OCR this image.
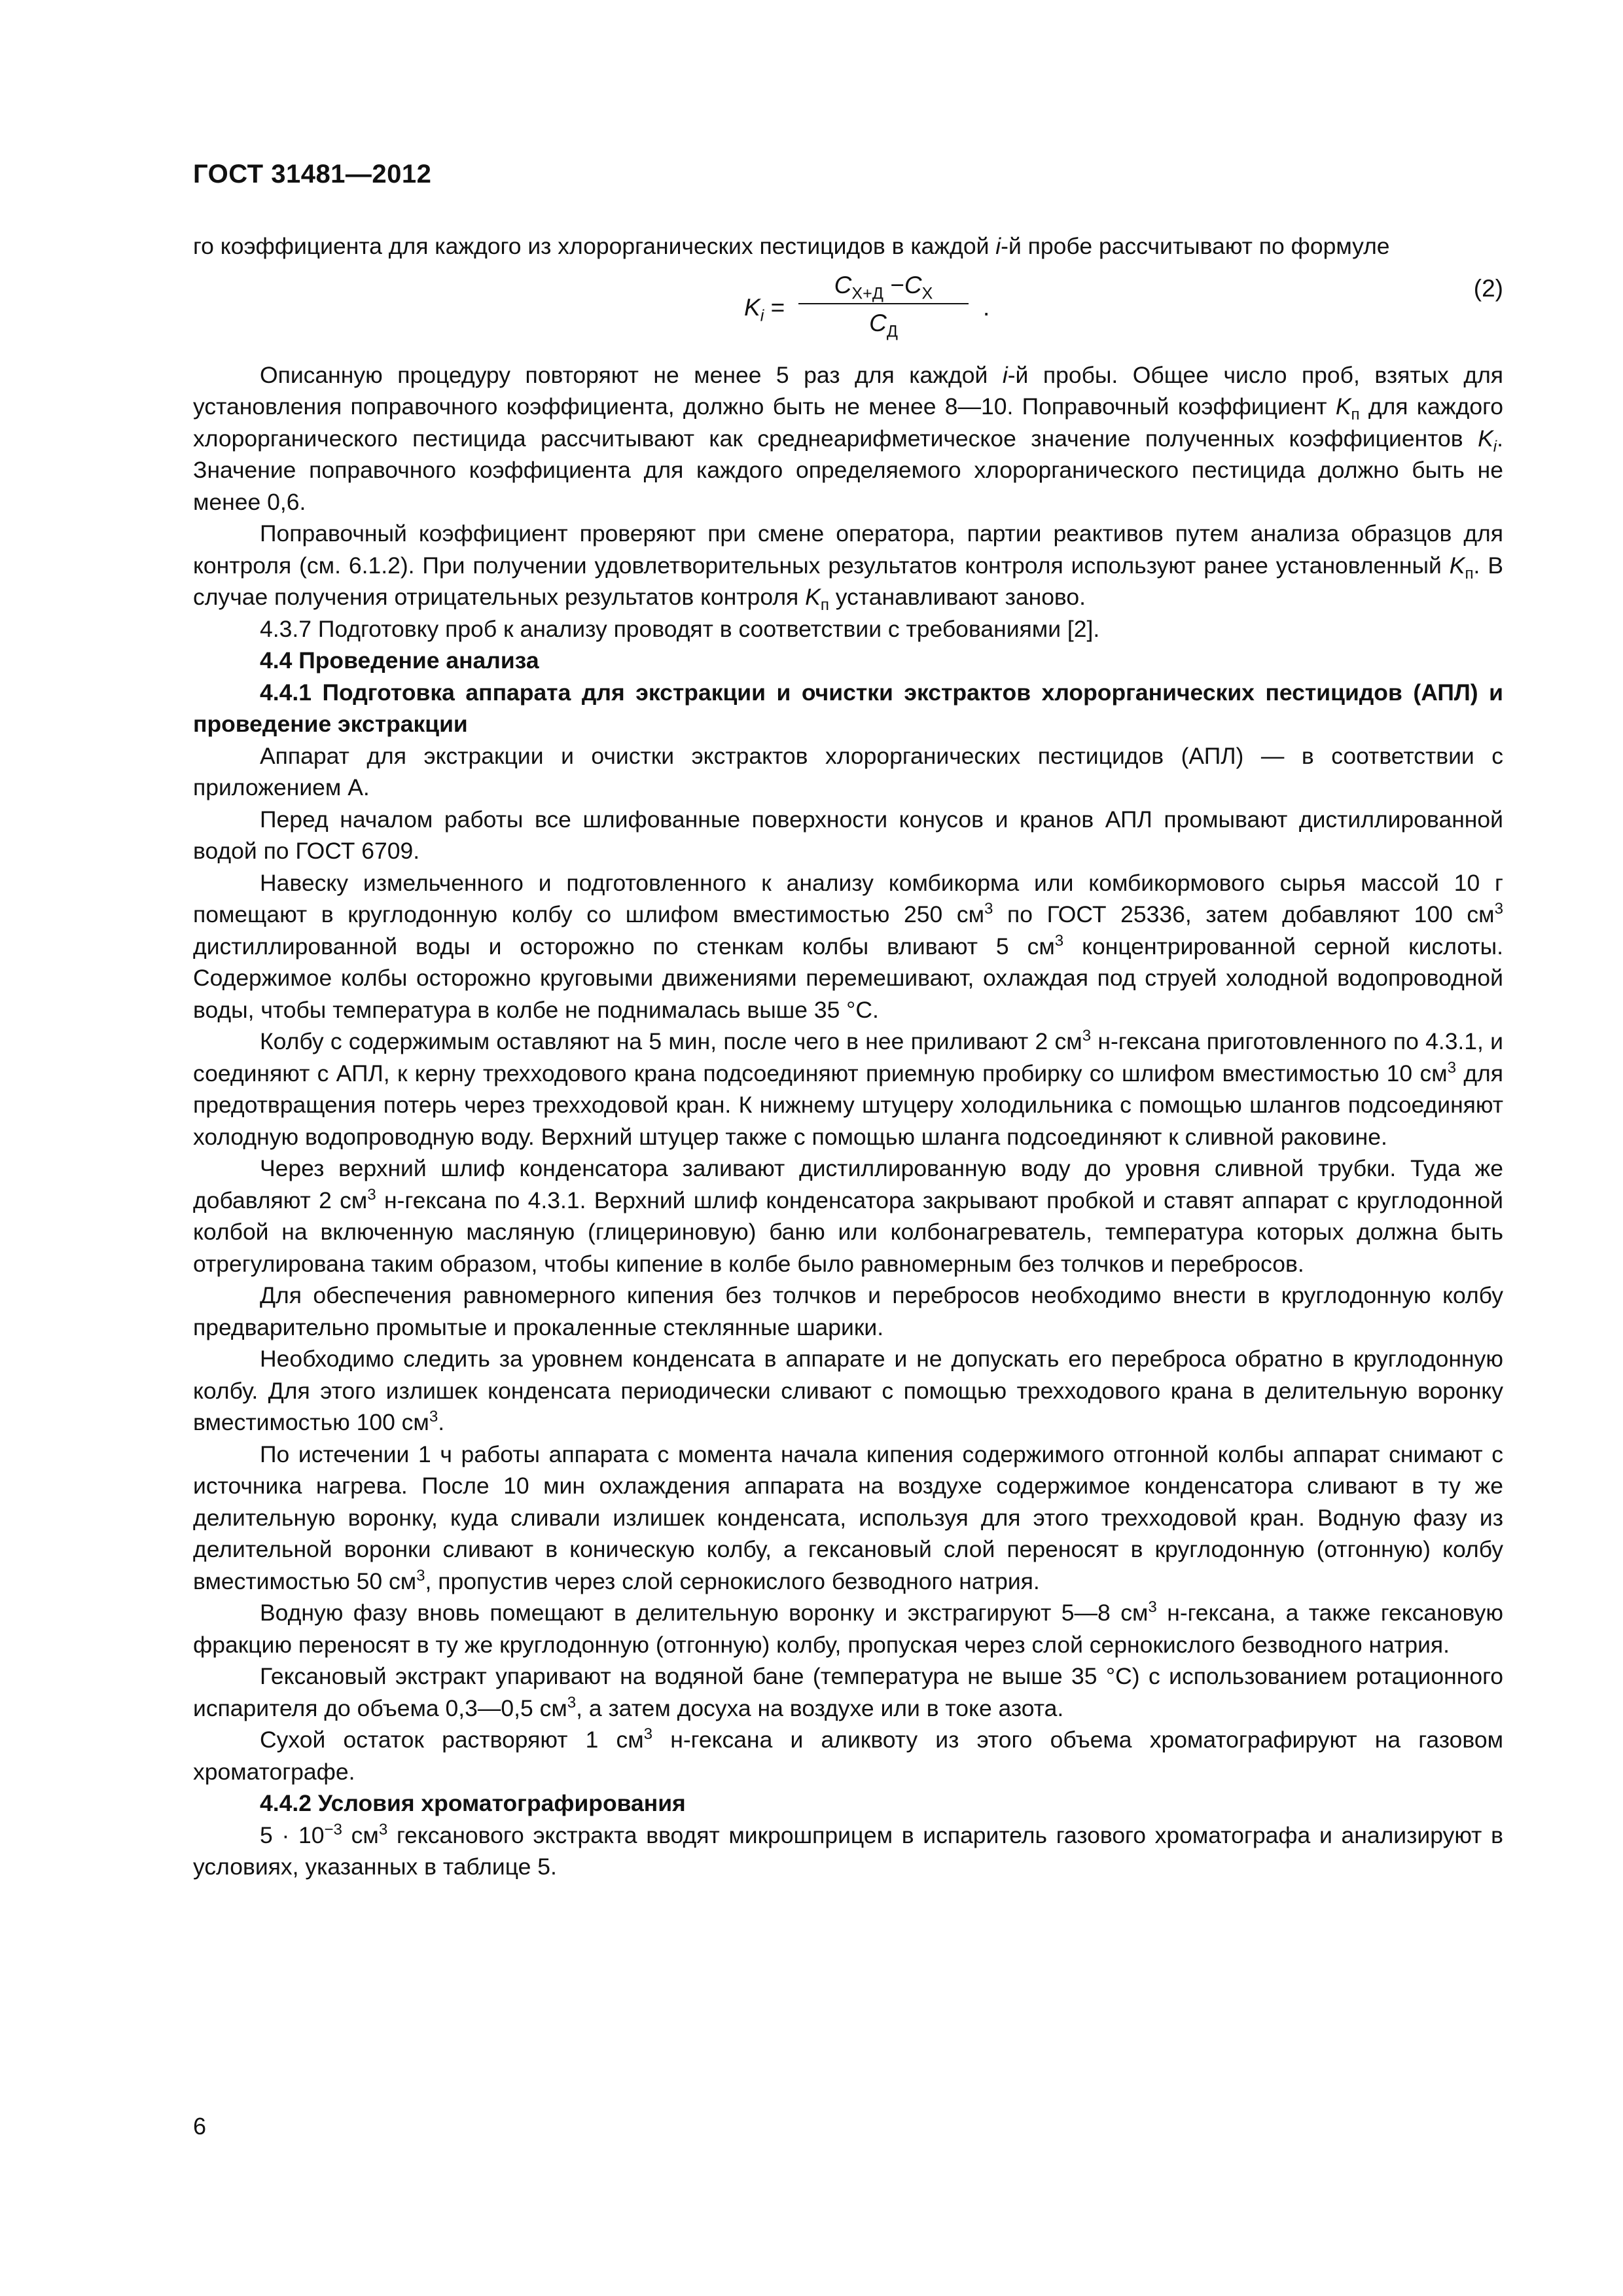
ГОСТ 31481—2012

го коэффициента для каждого из хлорорганических пестицидов в каждой i-й пробе рассчитывают по формуле

$K_i$ =
$C_{Х+Д} -C_Х$
$C_Д$
.
(2)

Описанную процедуру повторяют не менее 5 раз для каждой i-й пробы. Общее число проб, взятых для установления поправочного коэффициента, должно быть не менее 8—10. Поправочный коэффициент $K_п$ для каждого хлорорганического пестицида рассчитывают как среднеарифметическое значение полученных коэффициентов $K_i$. Значение поправочного коэффициента для каждого определяемого хлорорганического пестицида должно быть не менее 0,6.

Поправочный коэффициент проверяют при смене оператора, партии реактивов путем анализа образцов для контроля (см. 6.1.2). При получении удовлетворительных результатов контроля используют ранее установленный $K_п$. В случае получения отрицательных результатов контроля $K_п$ устанавливают заново.

4.3.7 Подготовку проб к анализу проводят в соответствии с требованиями [2].

4.4 Проведение анализа

4.4.1 Подготовка аппарата для экстракции и очистки экстрактов хлорорганических пестицидов (АПЛ) и проведение экстракции

Аппарат для экстракции и очистки экстрактов хлорорганических пестицидов (АПЛ) — в соответствии с приложением А.

Перед началом работы все шлифованные поверхности конусов и кранов АПЛ промывают дистиллированной водой по ГОСТ 6709.

Навеску измельченного и подготовленного к анализу комбикорма или комбикормового сырья массой 10 г помещают в круглодонную колбу со шлифом вместимостью 250 $см^3$ по ГОСТ 25336, затем добавляют 100 $см^3$ дистиллированной воды и осторожно по стенкам колбы вливают 5 $см^3$ концентрированной серной кислоты. Содержимое колбы осторожно круговыми движениями перемешивают, охлаждая под струей холодной водопроводной воды, чтобы температура в колбе не поднималась выше 35 °С.

Колбу с содержимым оставляют на 5 мин, после чего в нее приливают 2 $см^3$ н-гексана приготовленного по 4.3.1, и соединяют с АПЛ, к керну трехходового крана подсоединяют приемную пробирку со шлифом вместимостью 10 $см^3$ для предотвращения потерь через трехходовой кран. К нижнему штуцеру холодильника с помощью шлангов подсоединяют холодную водопроводную воду. Верхний штуцер также с помощью шланга подсоединяют к сливной раковине.

Через верхний шлиф конденсатора заливают дистиллированную воду до уровня сливной трубки. Туда же добавляют 2 $см^3$ н-гексана по 4.3.1. Верхний шлиф конденсатора закрывают пробкой и ставят аппарат с круглодонной колбой на включенную масляную (глицериновую) баню или колбонагреватель, температура которых должна быть отрегулирована таким образом, чтобы кипение в колбе было равномерным без толчков и перебросов.

Для обеспечения равномерного кипения без толчков и перебросов необходимо внести в круглодонную колбу предварительно промытые и прокаленные стеклянные шарики.

Необходимо следить за уровнем конденсата в аппарате и не допускать его переброса обратно в круглодонную колбу. Для этого излишек конденсата периодически сливают с помощью трехходового крана в делительную воронку вместимостью 100 $см^3$.

По истечении 1 ч работы аппарата с момента начала кипения содержимого отгонной колбы аппарат снимают с источника нагрева. После 10 мин охлаждения аппарата на воздухе содержимое конденсатора сливают в ту же делительную воронку, куда сливали излишек конденсата, используя для этого трехходовой кран. Водную фазу из делительной воронки сливают в коническую колбу, а гексановый слой переносят в круглодонную (отгонную) колбу вместимостью 50 $см^3$, пропустив через слой сернокислого безводного натрия.

Водную фазу вновь помещают в делительную воронку и экстрагируют 5—8 $см^3$ н-гексана, а также гексановую фракцию переносят в ту же круглодонную (отгонную) колбу, пропуская через слой сернокислого безводного натрия.

Гексановый экстракт упаривают на водяной бане (температура не выше 35 °С) с использованием ротационного испарителя до объема 0,3—0,5 $см^3$, а затем досуха на воздухе или в токе азота.

Сухой остаток растворяют 1 $см^3$ н-гексана и аликвоту из этого объема хроматографируют на газовом хроматографе.

4.4.2 Условия хроматографирования

$5 \cdot 10^{-3}$ $см^3$ гексанового экстракта вводят микрошприцем в испаритель газового хроматографа и анализируют в условиях, указанных в таблице 5.

6
